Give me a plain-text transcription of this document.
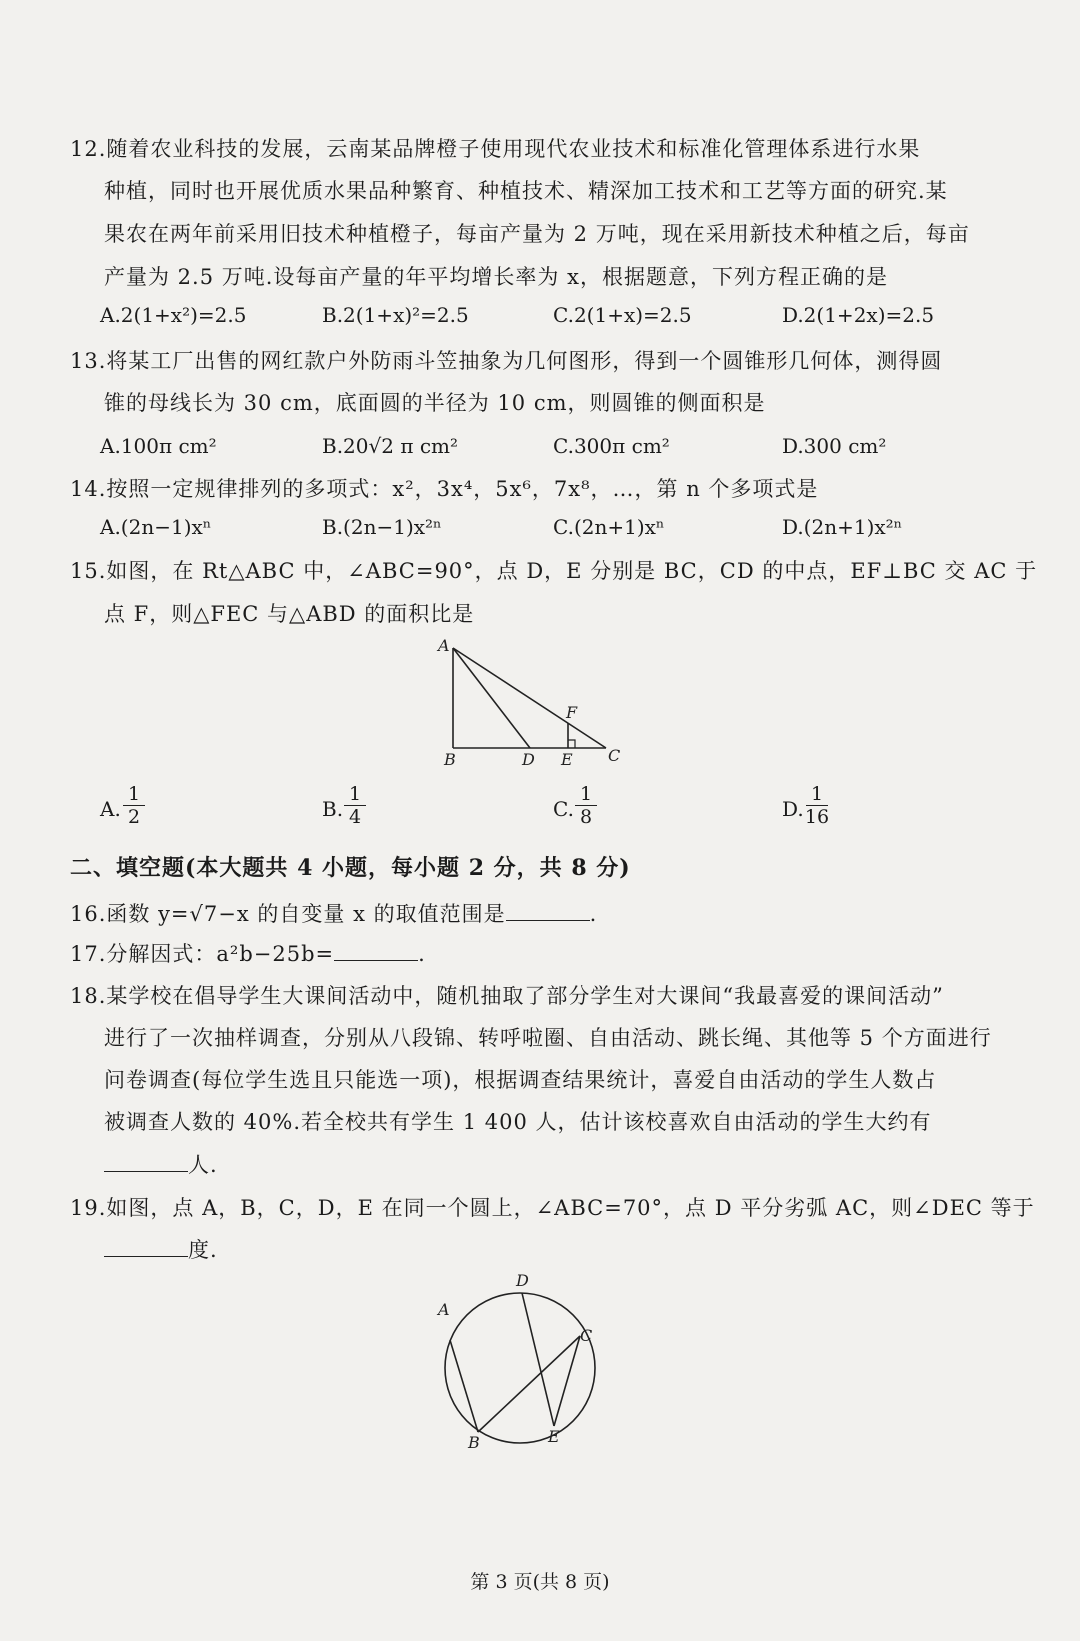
12.随着农业科技的发展，云南某品牌橙子使用现代农业技术和标准化管理体系进行水果
种植，同时也开展优质水果品种繁育、种植技术、精深加工技术和工艺等方面的研究.某
果农在两年前采用旧技术种植橙子，每亩产量为 2 万吨，现在采用新技术种植之后，每亩
产量为 2.5 万吨.设每亩产量的年平均增长率为 x，根据题意，下列方程正确的是
A.2(1+x²)=2.5	B.2(1+x)²=2.5	C.2(1+x)=2.5	D.2(1+2x)=2.5
13.将某工厂出售的网红款户外防雨斗笠抽象为几何图形，得到一个圆锥形几何体，测得圆
锥的母线长为 30 cm，底面圆的半径为 10 cm，则圆锥的侧面积是
A.100π cm²	B.20√2 π cm²	C.300π cm²	D.300 cm²
14.按照一定规律排列的多项式：x²，3x⁴，5x⁶，7x⁸，…，第 n 个多项式是
A.(2n−1)xⁿ	B.(2n−1)x²ⁿ	C.(2n+1)xⁿ	D.(2n+1)x²ⁿ
15.如图，在 Rt△ABC 中，∠ABC=90°，点 D，E 分别是 BC，CD 的中点，EF⊥BC 交 AC 于
点 F，则△FEC 与△ABD 的面积比是
A
B	D E C
F
A.
1
2	B.
1
4	C.
1
8	D.
1
16
二、填空题(本大题共 4 小题，每小题 2 分，共 8 分)
16.函数 y=√7−x 的自变量 x 的取值范围是	.
17.分解因式：a²b−25b=	.
18.某学校在倡导学生大课间活动中，随机抽取了部分学生对大课间“我最喜爱的课间活动”
进行了一次抽样调查，分别从八段锦、转呼啦圈、自由活动、跳长绳、其他等 5 个方面进行
问卷调查(每位学生选且只能选一项)，根据调查结果统计，喜爱自由活动的学生人数占
被调查人数的 40%.若全校共有学生 1 400 人，估计该校喜欢自由活动的学生大约有
人.
19.如图，点 A，B，C，D，E 在同一个圆上，∠ABC=70°，点 D 平分劣弧 AC，则∠DEC 等于
度.
A
D
C
B	E
第 3 页(共 8 页)
